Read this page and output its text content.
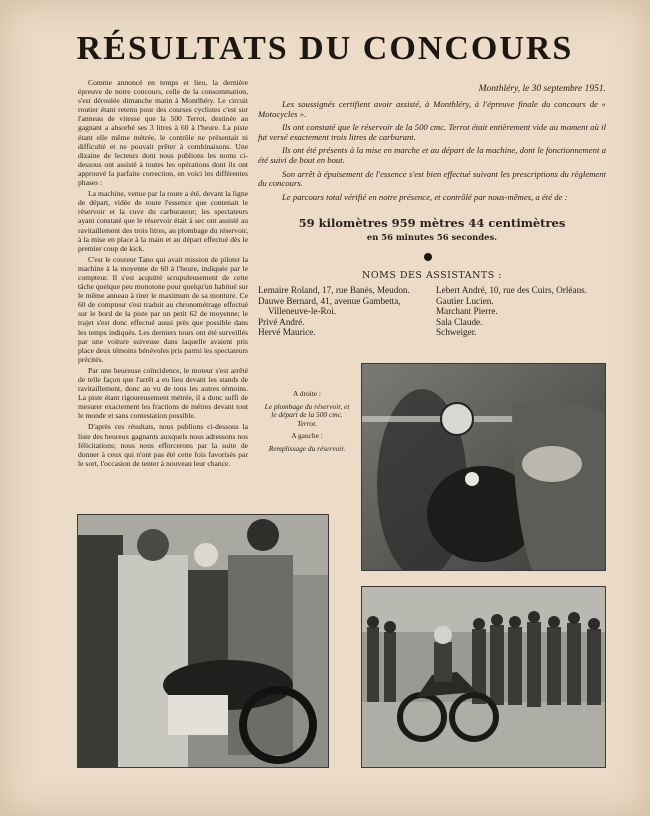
RÉSULTATS DU CONCOURS

Comme annoncé en temps et lieu, la dernière épreuve de notre concours, celle de la consommation, s'est déroulée dimanche matin à Montlhéry. Le circuit routier étant retenu pour des courses cyclistes c'est sur l'anneau de vitesse que la 500 Terrot, destinée au gagnant a absorbé ses 3 litres à 60 à l'heure. La piste étant elle même métrée, le contrôle ne présentait ni difficulté et ne pouvait prêter à combinaisons. Une dizaine de lecteurs dont nous publions les noms ci-dessous ont assisté à toutes les opérations dont ils ont approuvé la parfaite correction, en voici les différentes phases :

La machine, venue par la route a été, devant la ligne de départ, vidée de toute l'essence que contenait le réservoir et la cuve du carburateur; les spectateurs ayant constaté que le réservoir était à sec ont assisté au ravitaillement des trois litres, au plombage du réservoir, à la mise en place à la main et au départ effectué dès le premier coup de kick.

C'est le coureur Tano qui avait mission de piloter la machine à la moyenne de 60 à l'heure, indiquée par le compteur. Il s'est acquitté scrupuleusement de cette tâche quelque peu monotone pour quelqu'un habitué sur le même anneau à tirer le maximum de sa monture. Ce 60 de compteur s'est traduit au chronométrage effectué sur le bord de la piste par un petit 62 de moyenne; le trajet s'est donc effectué aussi près que possible dans les temps indiqués. Les derniers tours ont été surveillés par une voiture suiveuse dans laquelle avaient pris place deux témoins bénévoles pris parmi les spectateurs précités.

Par une heureuse coïncidence, le moteur s'est arrêté de telle façon que l'arrêt a eu lieu devant les stands de ravitaillement, donc au vu de tous les autres témoins. La piste étant rigoureusement métrée, il a donc suffi de mesurer exactement les fractions de mètres devant tout le monde et sans contestation possible.

D'après ces résultats, nous publions ci-dessous la liste des heureux gagnants auxquels nous adressons nos félicitations; nous nous efforcerons par la suite de donner à ceux qui n'ont pas été cette fois favorisés par le sort, l'occasion de tenter à nouveau leur chance.

Monthléry, le 30 septembre 1951.

Les soussignés certifient avoir assisté, à Monthléry, à l'épreuve finale du concours de « Motocycles ».

Ils ont constaté que le réservoir de la 500 cmc. Terrot était entièrement vide au moment où il fut versé exactement trois litres de carburant.

Ils ont été présents à la mise en marche et au départ de la machine, dont le fonctionnement a été suivi de bout en bout.

Son arrêt à épuisement de l'essence s'est bien effectué suivant les prescriptions du règlement du concours.

Le parcours total vérifié en notre présence, et contrôlé par nous-mêmes, a été de :

59 kilomètres 959 mètres 44 centimètres
en 56 minutes 56 secondes.
NOMS DES ASSISTANTS :
Lemaire Roland, 17, rue Banès, Meudon.
Dauwe Bernard, 41, avenue Gambetta, Villeneuve-le-Roi.
Privé André.
Hervé Maurice.
Lebert André, 10, rue des Cuirs, Orléans.
Gautier Lucien.
Marchant Pierre.
Sala Claude.
Schweiger.
A droite :
Le plombage du réservoir, et le départ de la 500 cmc. Terrot.
A gauche :
Remplissage du réservoir.
